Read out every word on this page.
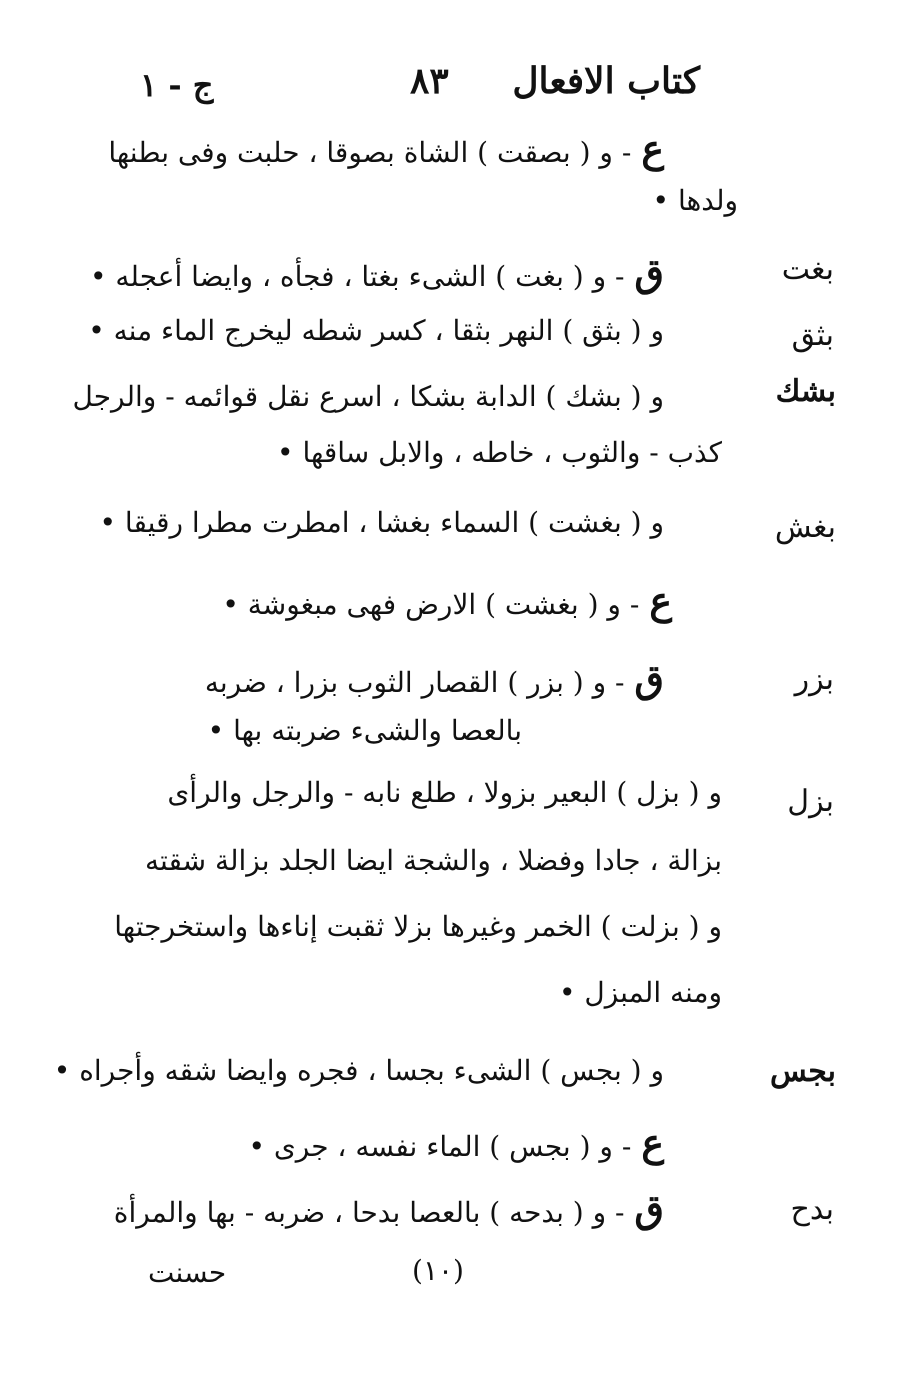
كتاب الافعال
٨٣
ج - ١
ع- و ( بصقت ) الشاة بصوقا ، حلبت وفى بطنها
ولدها •
بغت
ق- و ( بغت ) الشىء بغتا ، فجأه ، وايضا أعجله •
بثق
و ( بثق ) النهر بثقا ، كسر شطه ليخرج الماء منه •
بشك
و ( بشك ) الدابة بشكا ، اسرع نقل قوائمه - والرجل
كذب - والثوب ، خاطه ، والابل ساقها •
بغش
و ( بغشت ) السماء بغشا ، امطرت مطرا رقيقا •
ع- و ( بغشت ) الارض فهى مبغوشة •
بزر
ق- و ( بزر ) القصار الثوب بزرا ، ضربه
بالعصا والشىء ضربته بها •
بزل
و ( بزل ) البعير بزولا ، طلع نابه - والرجل والرأى
بزالة ، جادا وفضلا ، والشجة ايضا الجلد بزالة شقته
و ( بزلت ) الخمر وغيرها بزلا ثقبت إناءها واستخرجتها
ومنه المبزل •
بجس
و ( بجس ) الشىء بجسا ، فجره وايضا شقه وأجراه •
ع- و ( بجس ) الماء نفسه ، جرى •
بدح
ق- و ( بدحه ) بالعصا بدحا ، ضربه - بها والمرأة
(١٠)
حسنت
